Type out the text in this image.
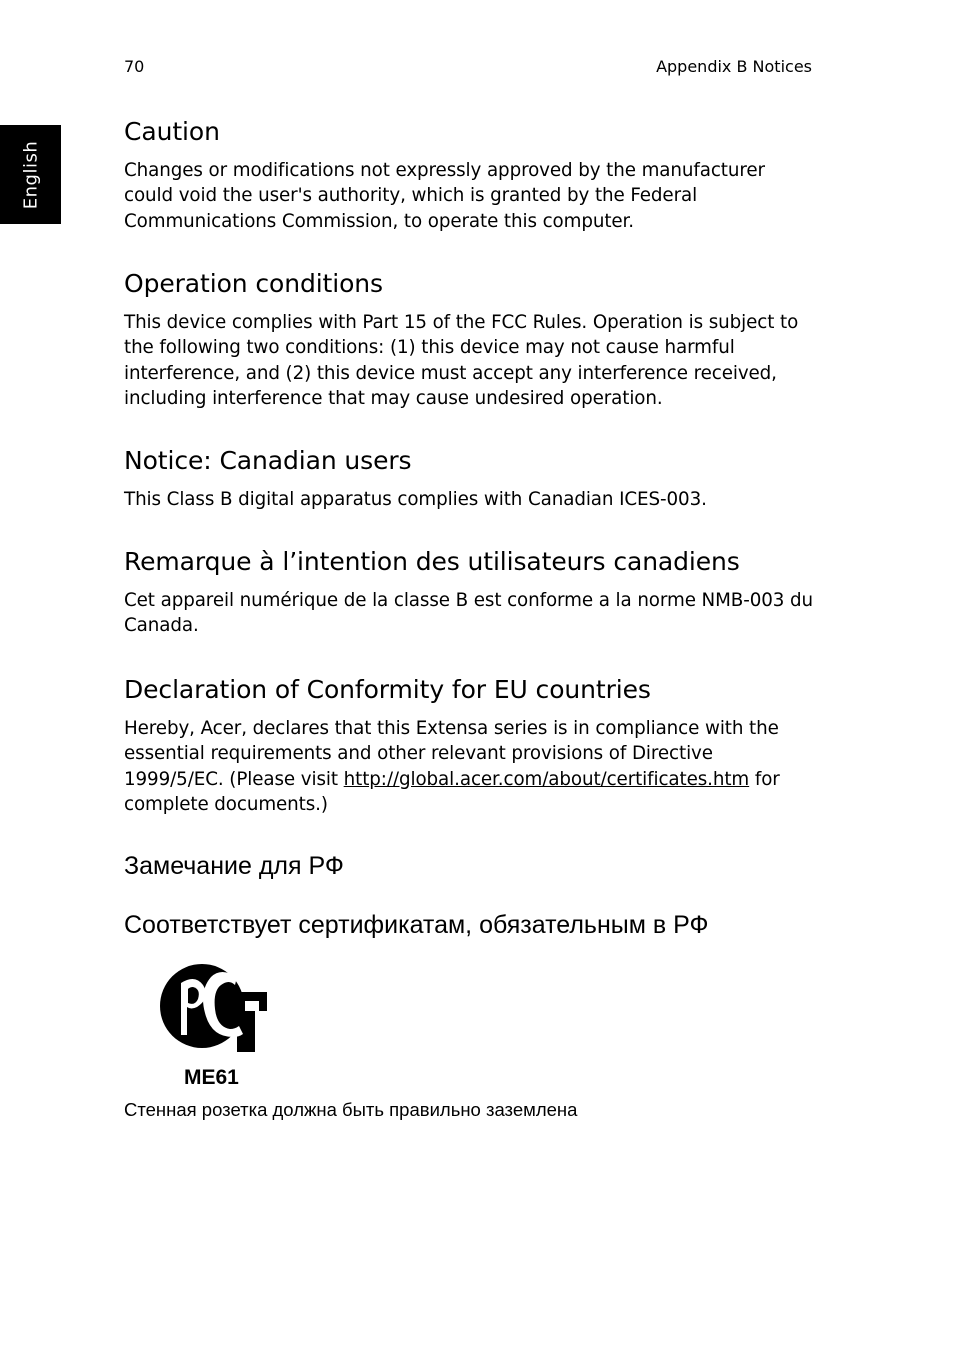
70	Appendix B Notices
English
Caution

Changes or modifications not expressly approved by the manufacturer could void the user's authority, which is granted by the Federal Communications Commission, to operate this computer.

Operation conditions

This device complies with Part 15 of the FCC Rules. Operation is subject to the following two conditions: (1) this device may not cause harmful interference, and (2) this device must accept any interference received, including interference that may cause undesired operation.

Notice: Canadian users

This Class B digital apparatus complies with Canadian ICES-003.

Remarque à l’intention des utilisateurs canadiens

Cet appareil numérique de la classe B est conforme a la norme NMB-003 du Canada.

Declaration of Conformity for EU countries

Hereby, Acer, declares that this Extensa series is in compliance with the essential requirements and other relevant provisions of Directive 1999/5/EC. (Please visit http://global.acer.com/about/certificates.htm for complete documents.)

Замечание для РФ
Соответствует сертификатам, обязательным в РФ
ME61
Стенная розетка должна быть правильно заземлена
